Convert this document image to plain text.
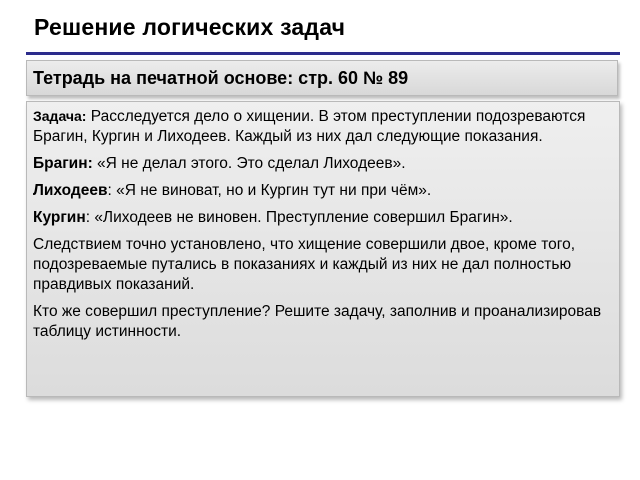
Решение логических задач
Тетрадь на печатной основе: стр. 60 № 89

Задача: Расследуется дело о хищении. В этом преступлении подозреваются Брагин, Кургин и Лиходеев. Каждый из них дал следующие показания.

Брагин: «Я не делал этого. Это сделал Лиходеев».

Лиходеев: «Я не виноват, но и Кургин тут ни при чём».

Кургин: «Лиходеев не виновен. Преступление совершил Брагин».

Следствием точно установлено, что хищение совершили двое, кроме того, подозреваемые путались в показаниях и каждый из них не дал полностью правдивых показаний.

Кто же совершил преступление? Решите задачу, заполнив и проанализировав таблицу истинности.
